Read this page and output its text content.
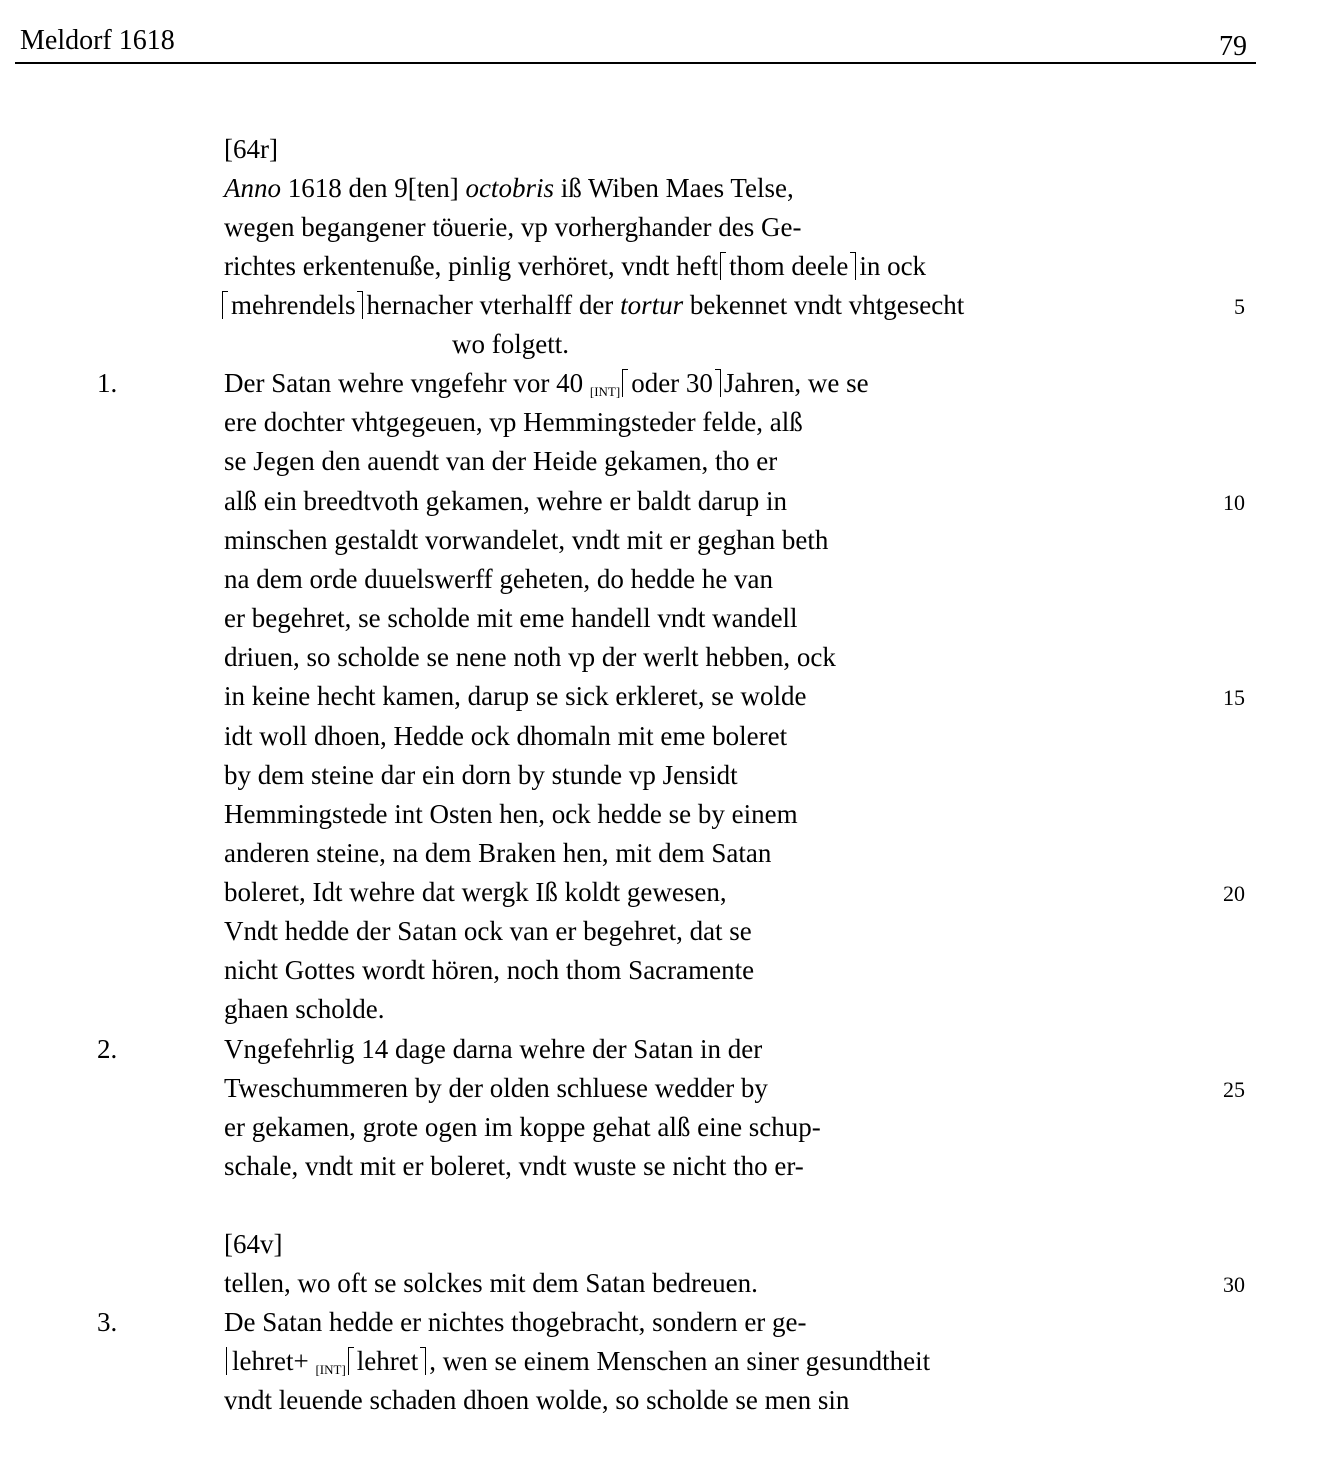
Meldorf 1618	79
[64r]
Anno 1618 den 9[ten] octobris iß Wiben Maes Telse,
wegen begangener töuerie, vp vorherghander des Ge-
richtes erkentenuße, pinlig verhöret, vndt heft thom deele in ock
mehrendels hernacher vterhalff der tortur bekennet vndt vhtgesecht	5
wo folgett.
1.	Der Satan wehre vngefehr vor 40 $_{[INT]}$ oder 30 Jahren, we se
ere dochter vhtgegeuen, vp Hemmingsteder felde, alß
se Jegen den auendt van der Heide gekamen, tho er
alß ein breedtvoth gekamen, wehre er baldt darup in	10
minschen gestaldt vorwandelet, vndt mit er geghan beth
na dem orde duuelswerff geheten, do hedde he van
er begehret, se scholde mit eme handell vndt wandell
driuen, so scholde se nene noth vp der werlt hebben, ock
in keine hecht kamen, darup se sick erkleret, se wolde	15
idt woll dhoen, Hedde ock dhomaln mit eme boleret
by dem steine dar ein dorn by stunde vp Jensidt
Hemmingstede int Osten hen, ock hedde se by einem
anderen steine, na dem Braken hen, mit dem Satan
boleret, Idt wehre dat wergk Iß koldt gewesen,	20
Vndt hedde der Satan ock van er begehret, dat se
nicht Gottes wordt hören, noch thom Sacramente
ghaen scholde.
2.	Vngefehrlig 14 dage darna wehre der Satan in der
Tweschummeren by der olden schluese wedder by	25
er gekamen, grote ogen im koppe gehat alß eine schup-
schale, vndt mit er boleret, vndt wuste se nicht tho er-
[64v]
tellen, wo oft se solckes mit dem Satan bedreuen.	30
3.	De Satan hedde er nichtes thogebracht, sondern er ge-
lehret+ $_{[INT]}$ lehret , wen se einem Menschen an siner gesundtheit
vndt leuende schaden dhoen wolde, so scholde se men sin
